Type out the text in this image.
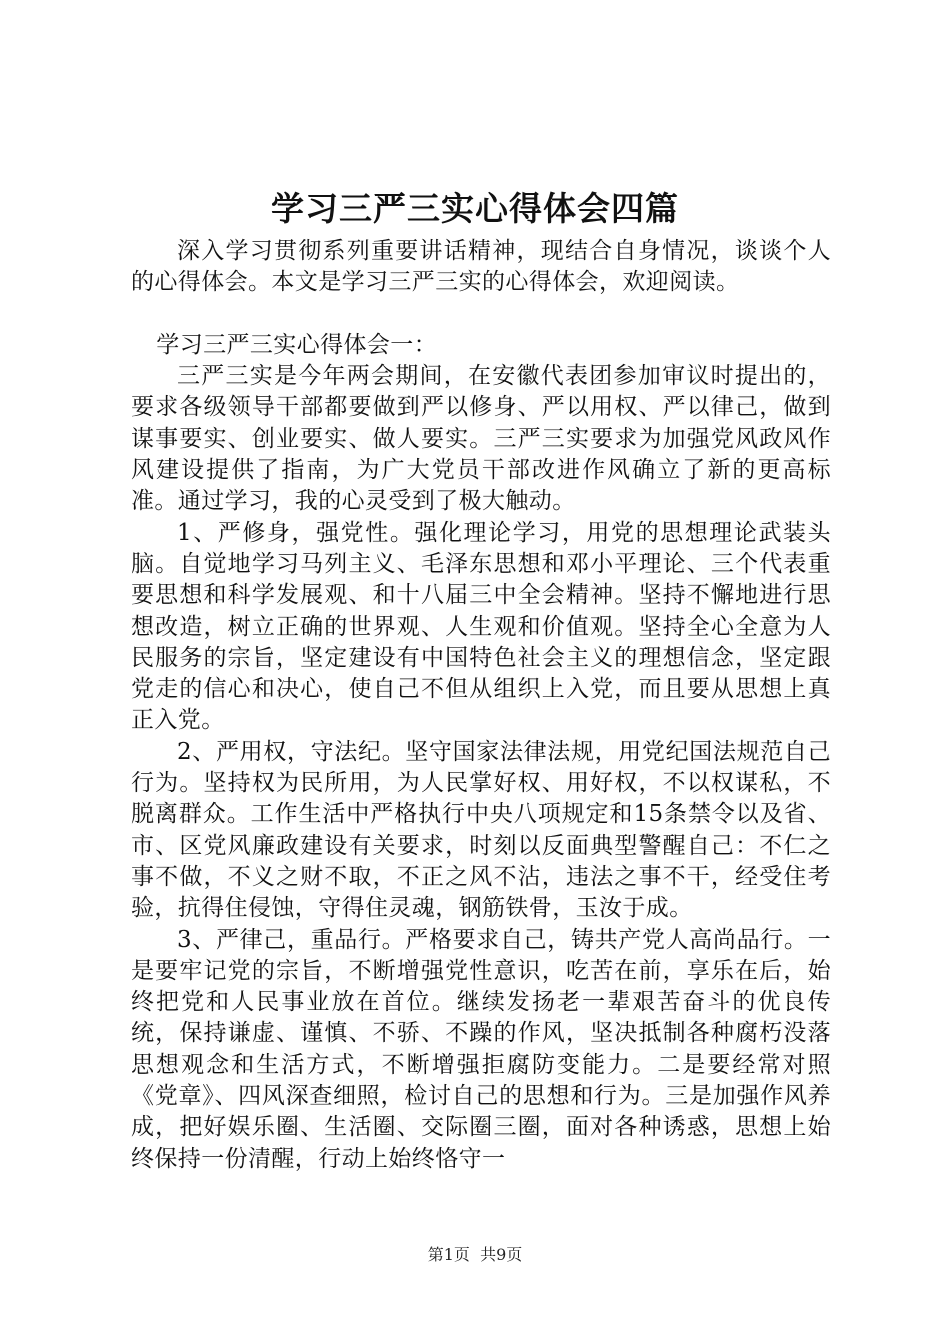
学习三严三实心得体会四篇

深入学习贯彻系列重要讲话精神，现结合自身情况，谈谈个人的心得体会。本文是学习三严三实的心得体会，欢迎阅读。

学习三严三实心得体会一：

三严三实是今年两会期间，在安徽代表团参加审议时提出的，要求各级领导干部都要做到严以修身、严以用权、严以律己，做到谋事要实、创业要实、做人要实。三严三实要求为加强党风政风作风建设提供了指南，为广大党员干部改进作风确立了新的更高标准。通过学习，我的心灵受到了极大触动。

1、严修身，强党性。强化理论学习，用党的思想理论武装头脑。自觉地学习马列主义、毛泽东思想和邓小平理论、三个代表重要思想和科学发展观、和十八届三中全会精神。坚持不懈地进行思想改造，树立正确的世界观、人生观和价值观。坚持全心全意为人民服务的宗旨，坚定建设有中国特色社会主义的理想信念，坚定跟党走的信心和决心，使自己不但从组织上入党，而且要从思想上真正入党。

2、严用权，守法纪。坚守国家法律法规，用党纪国法规范自己行为。坚持权为民所用，为人民掌好权、用好权，不以权谋私，不脱离群众。工作生活中严格执行中央八项规定和15条禁令以及省、市、区党风廉政建设有关要求，时刻以反面典型警醒自己：不仁之事不做，不义之财不取，不正之风不沾，违法之事不干，经受住考验，抗得住侵蚀，守得住灵魂，钢筋铁骨，玉汝于成。

3、严律己，重品行。严格要求自己，铸共产党人高尚品行。一是要牢记党的宗旨，不断增强党性意识，吃苦在前，享乐在后，始终把党和人民事业放在首位。继续发扬老一辈艰苦奋斗的优良传统，保持谦虚、谨慎、不骄、不躁的作风，坚决抵制各种腐朽没落思想观念和生活方式，不断增强拒腐防变能力。二是要经常对照《党章》、四风深查细照，检讨自己的思想和行为。三是加强作风养成，把好娱乐圈、生活圈、交际圈三圈，面对各种诱惑，思想上始终保持一份清醒，行动上始终恪守一

第1页 共9页
